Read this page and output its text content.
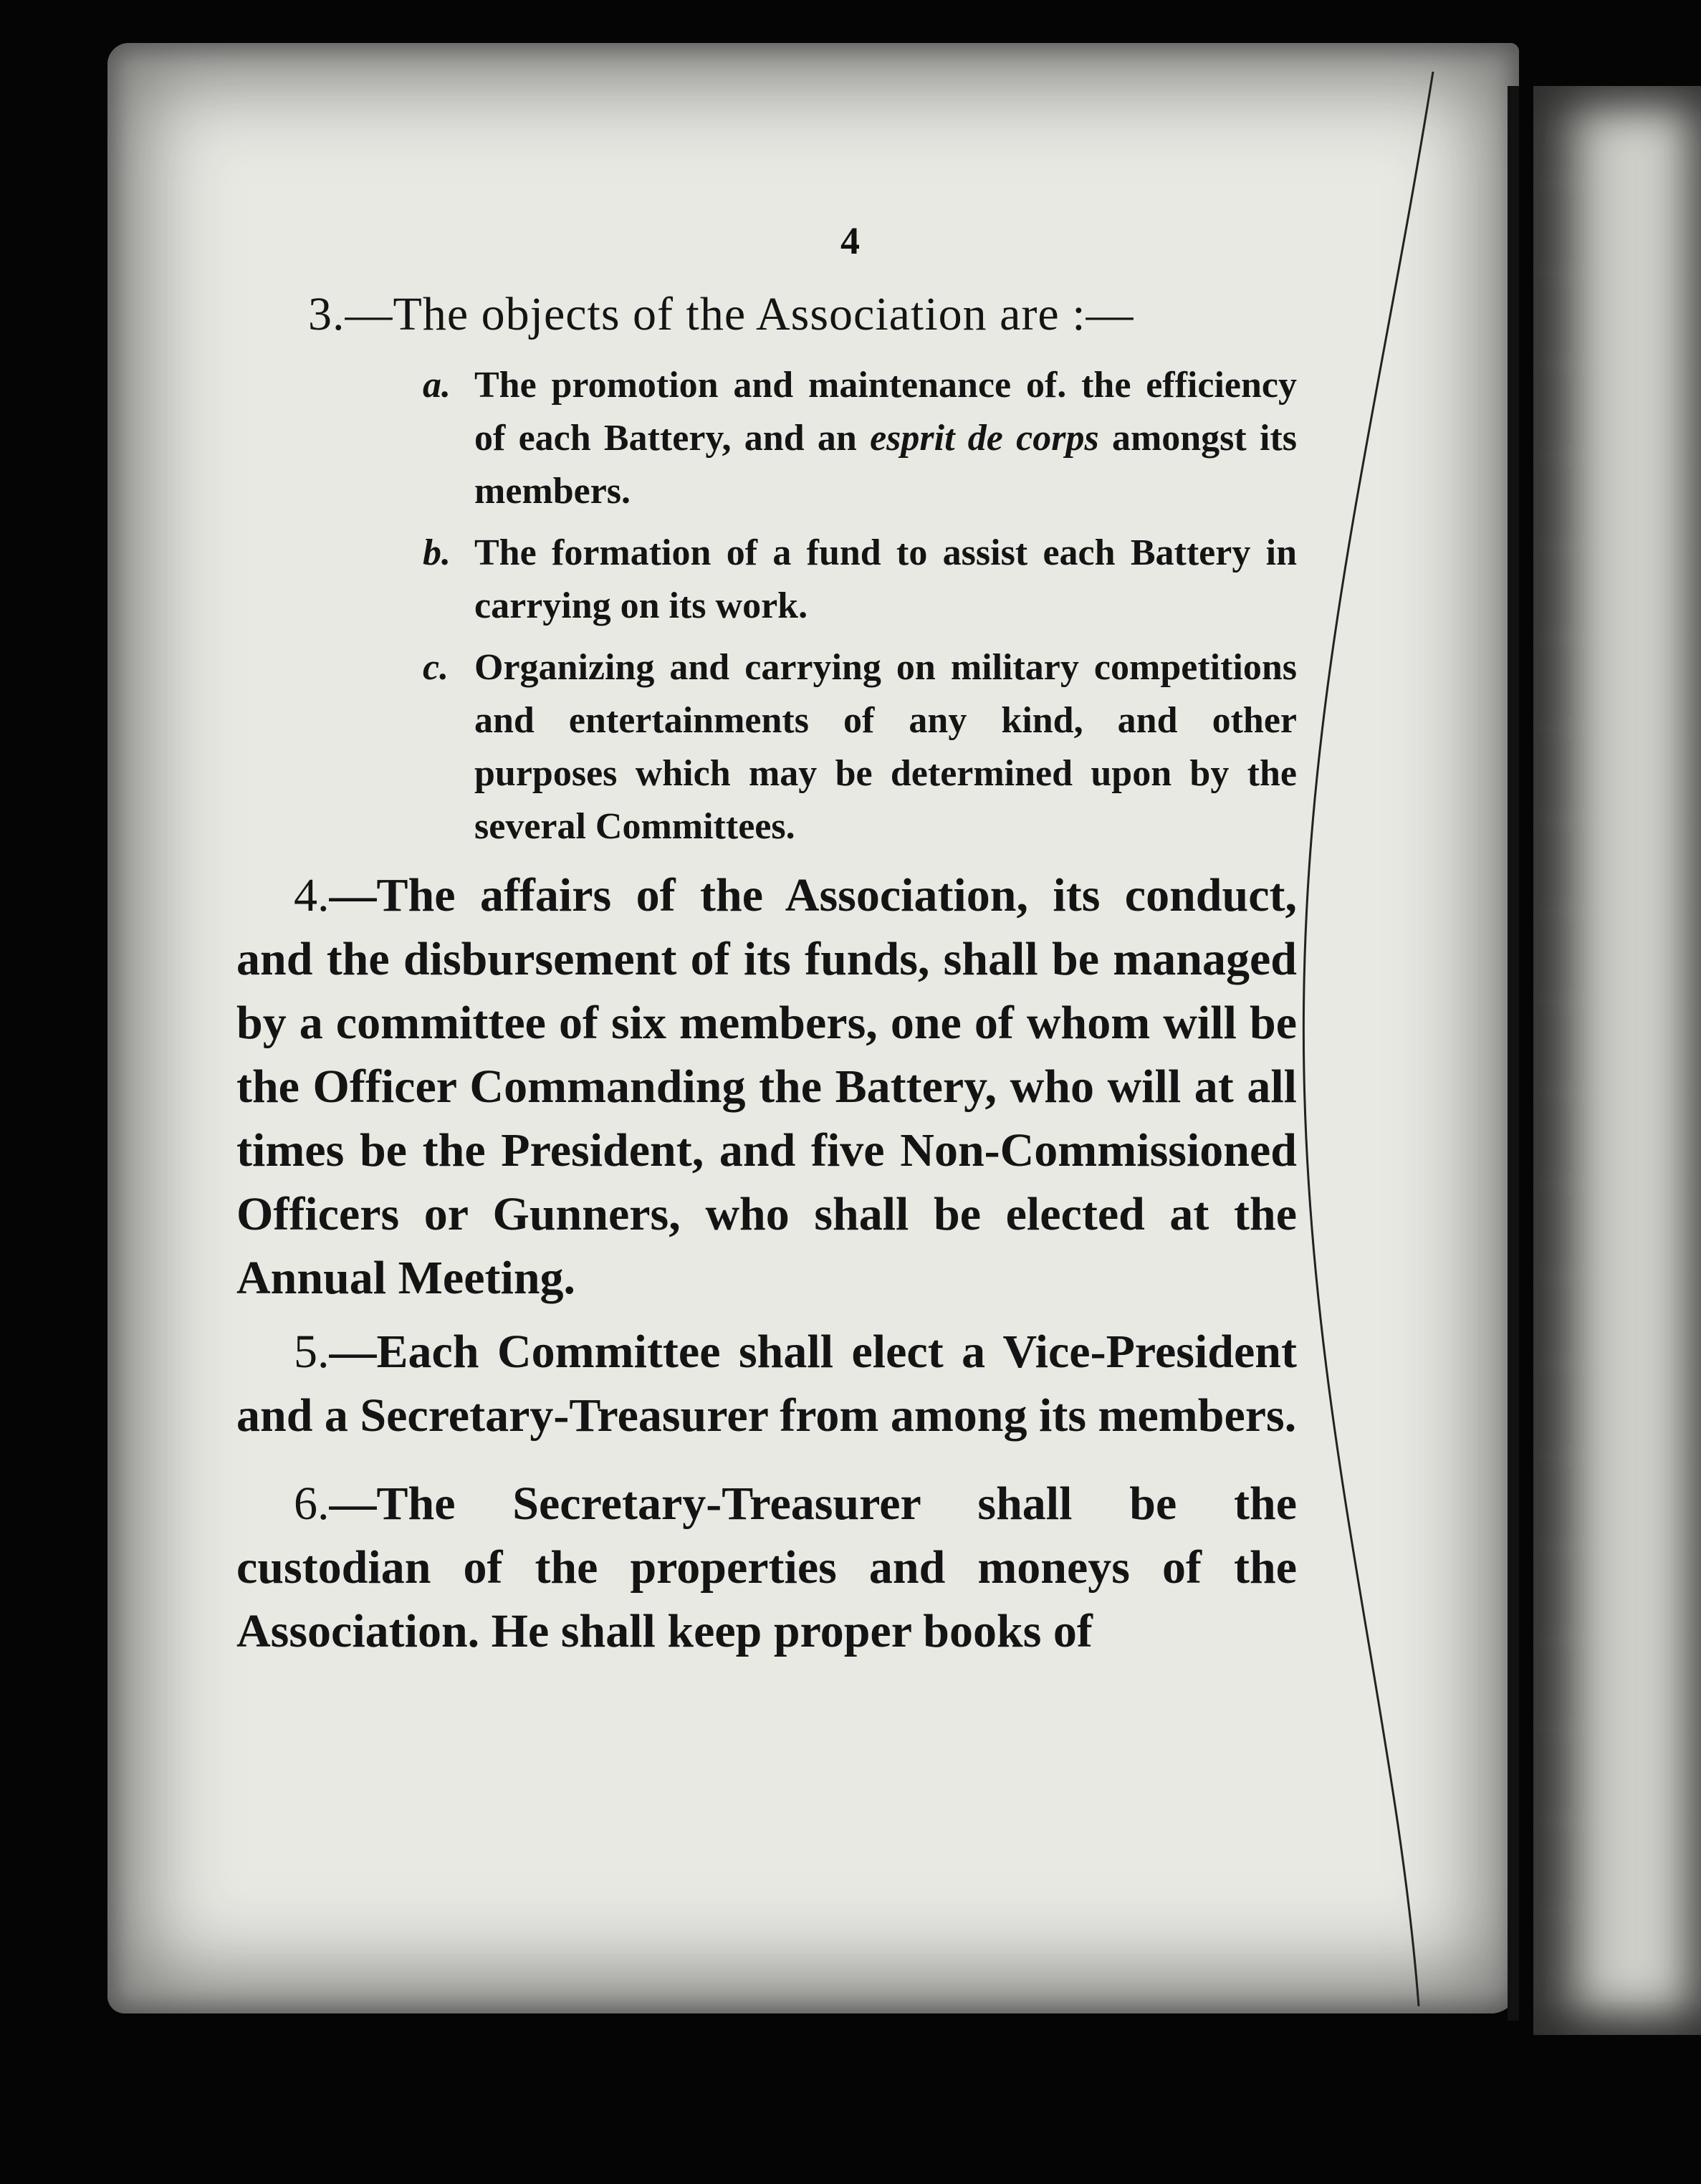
4
3.—The objects of the Association are :—
a. The promotion and maintenance of. the efficiency of each Battery, and an esprit de corps amongst its members.
b. The formation of a fund to assist each Battery in carrying on its work.
c. Organizing and carrying on military competitions and entertainments of any kind, and other purposes which may be determined upon by the several Committees.

4.—The affairs of the Association, its conduct, and the disbursement of its funds, shall be managed by a committee of six members, one of whom will be the Officer Commanding the Battery, who will at all times be the President, and five Non-Commissioned Officers or Gunners, who shall be elected at the Annual Meeting.

5.—Each Committee shall elect a Vice-President and a Secretary-Treasurer from among its members.

6.—The Secretary-Treasurer shall be the custodian of the properties and moneys of the Association. He shall keep proper books of
